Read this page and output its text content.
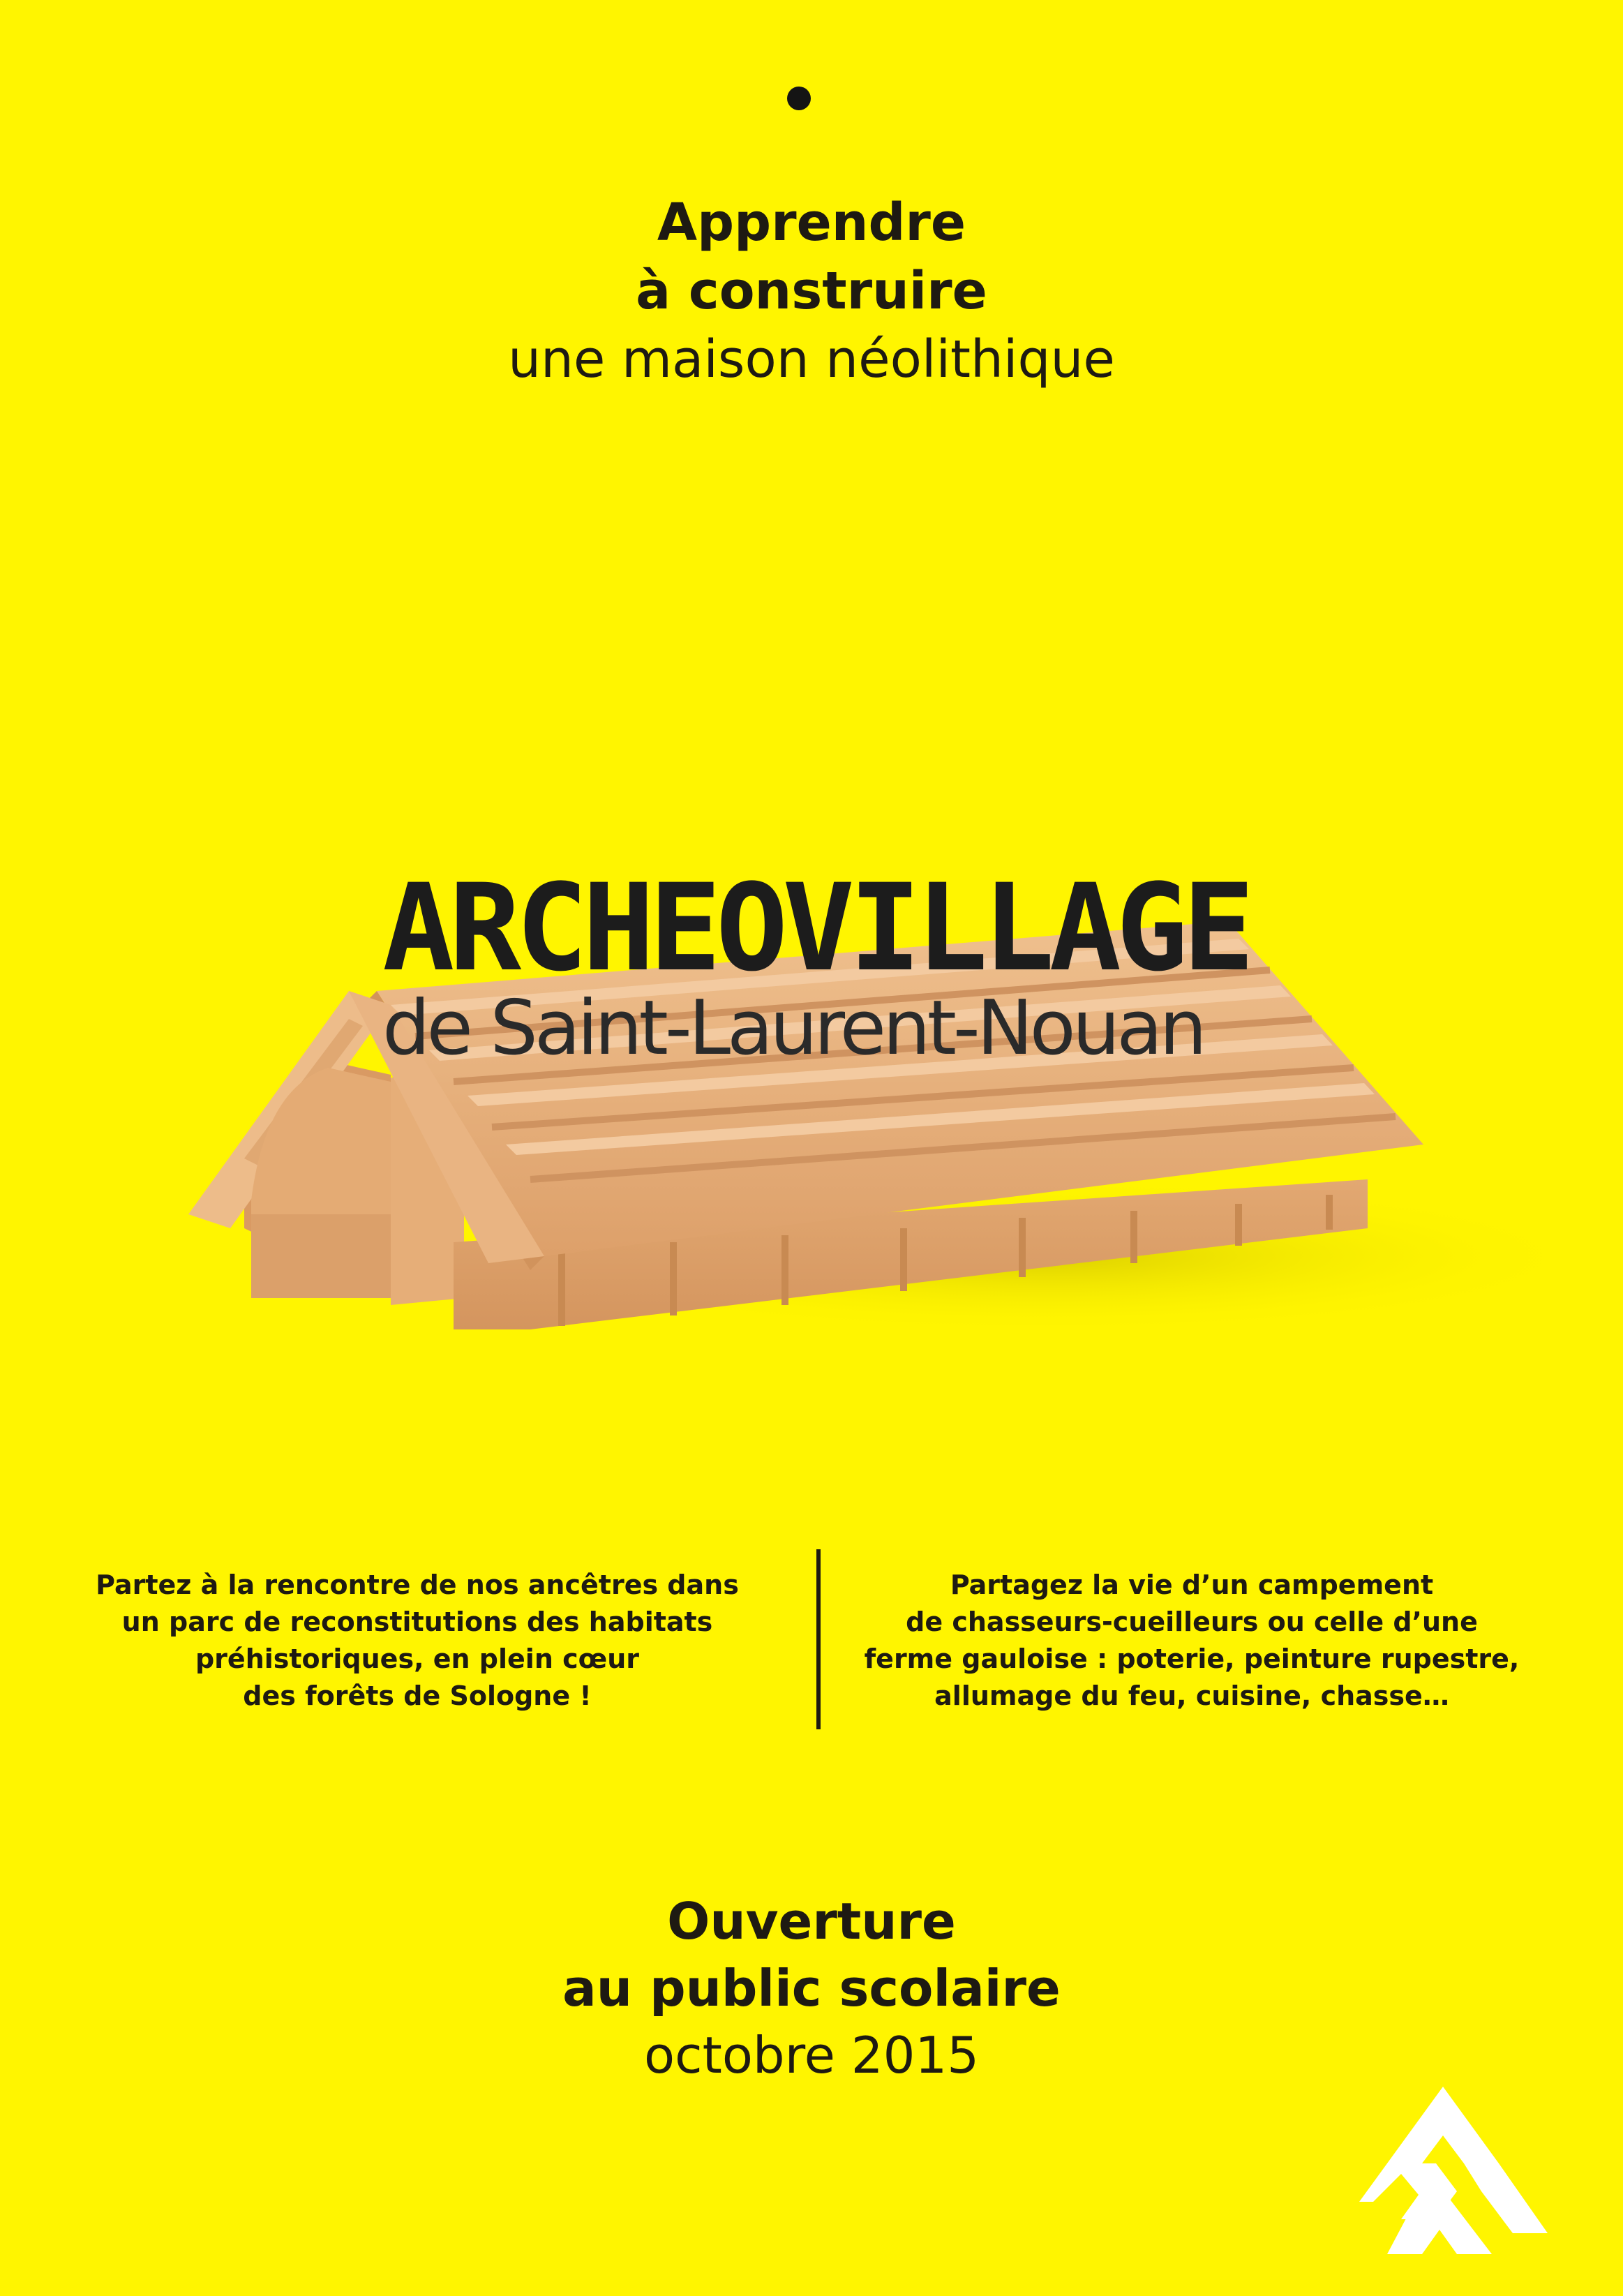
Apprendre
à construire
une maison néolithique
ARCHEOVILLAGE
de Saint-Laurent-Nouan

Partez à la rencontre de nos ancêtres dans

un parc de reconstitutions des habitats

préhistoriques, en plein cœur

des forêts de Sologne !

Partagez la vie d’un campement

de chasseurs-cueilleurs ou celle d’une

ferme gauloise : poterie, peinture rupestre,

allumage du feu, cuisine, chasse…

Ouverture
au public scolaire
octobre 2015
